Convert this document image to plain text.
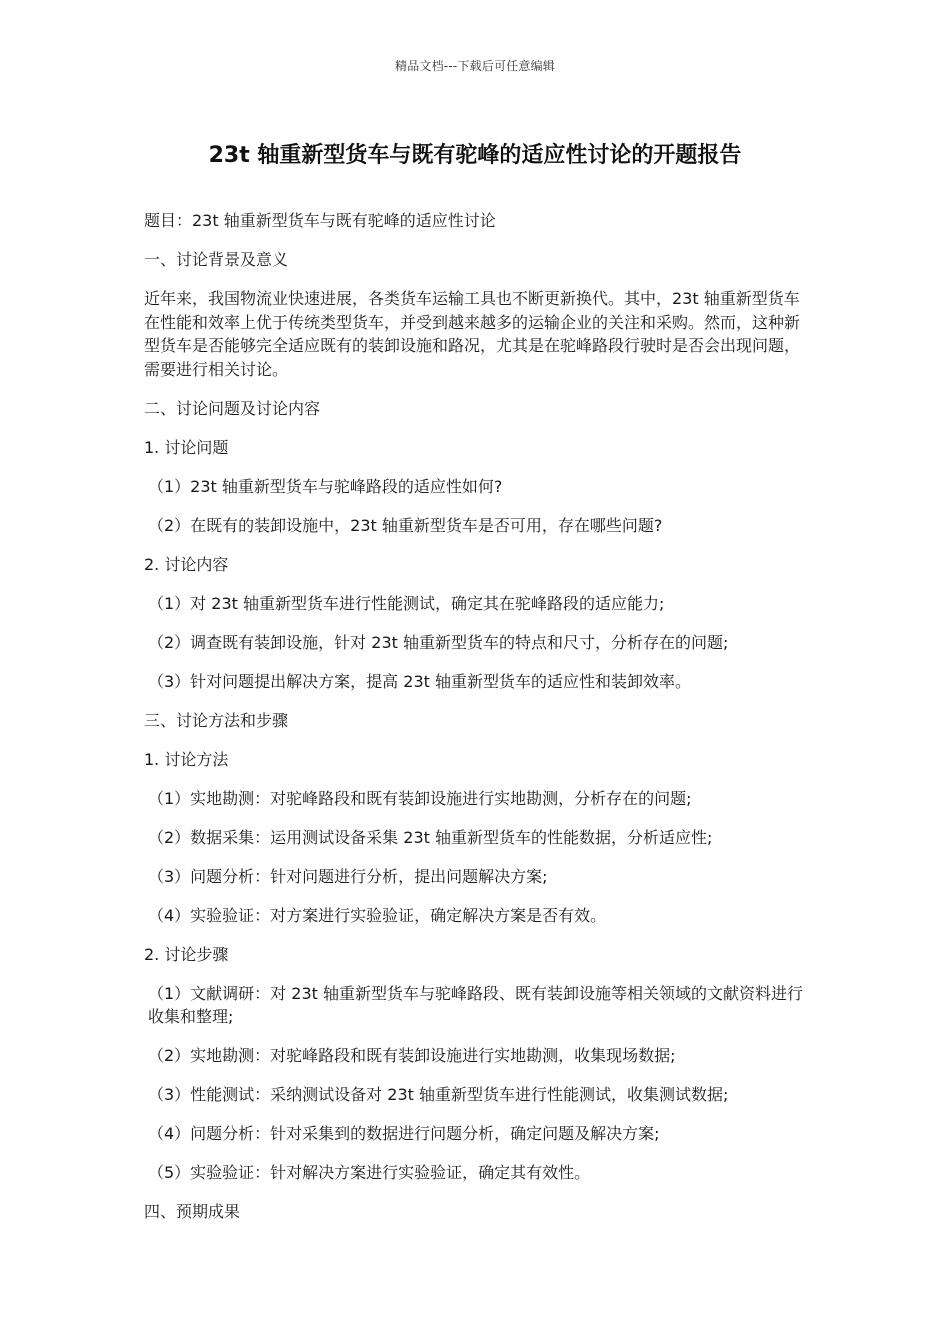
精品文档---下载后可任意编辑
23t 轴重新型货车与既有驼峰的适应性讨论的开题报告

题目：23t 轴重新型货车与既有驼峰的适应性讨论

一、讨论背景及意义

近年来，我国物流业快速进展，各类货车运输工具也不断更新换代。其中，23t 轴重新型货车在性能和效率上优于传统类型货车，并受到越来越多的运输企业的关注和采购。然而，这种新型货车是否能够完全适应既有的装卸设施和路况，尤其是在驼峰路段行驶时是否会出现问题，需要进行相关讨论。

二、讨论问题及讨论内容

1. 讨论问题

（1）23t 轴重新型货车与驼峰路段的适应性如何?

（2）在既有的装卸设施中，23t 轴重新型货车是否可用，存在哪些问题?

2. 讨论内容

（1）对 23t 轴重新型货车进行性能测试，确定其在驼峰路段的适应能力;

（2）调查既有装卸设施，针对 23t 轴重新型货车的特点和尺寸，分析存在的问题;

（3）针对问题提出解决方案，提高 23t 轴重新型货车的适应性和装卸效率。

三、讨论方法和步骤

1. 讨论方法

（1）实地勘测：对驼峰路段和既有装卸设施进行实地勘测，分析存在的问题;

（2）数据采集：运用测试设备采集 23t 轴重新型货车的性能数据，分析适应性;

（3）问题分析：针对问题进行分析，提出问题解决方案;

（4）实验验证：对方案进行实验验证，确定解决方案是否有效。

2. 讨论步骤

（1）文献调研：对 23t 轴重新型货车与驼峰路段、既有装卸设施等相关领域的文献资料进行收集和整理;

（2）实地勘测：对驼峰路段和既有装卸设施进行实地勘测，收集现场数据;

（3）性能测试：采纳测试设备对 23t 轴重新型货车进行性能测试，收集测试数据;

（4）问题分析：针对采集到的数据进行问题分析，确定问题及解决方案;

（5）实验验证：针对解决方案进行实验验证，确定其有效性。

四、预期成果
